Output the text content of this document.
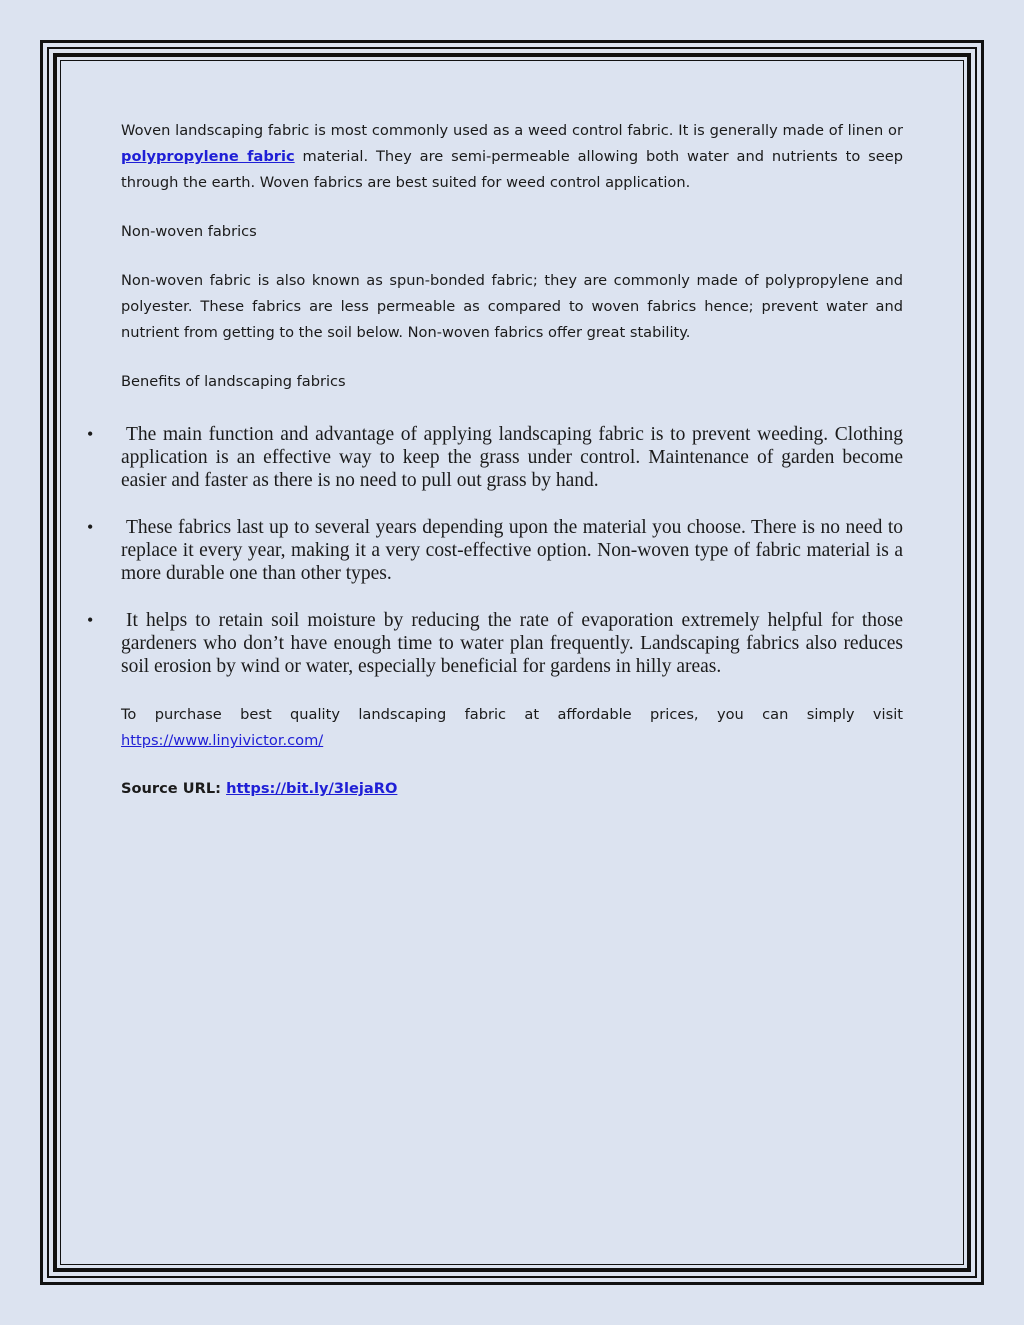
Woven landscaping fabric is most commonly used as a weed control fabric. It is generally made of linen or polypropylene fabric material. They are semi-permeable allowing both water and nutrients to seep through the earth. Woven fabrics are best suited for weed control application.

Non-woven fabrics

Non-woven fabric is also known as spun-bonded fabric; they are commonly made of polypropylene and polyester. These fabrics are less permeable as compared to woven fabrics hence; prevent water and nutrient from getting to the soil below. Non-woven fabrics offer great stability.

Benefits of landscaping fabrics

• The main function and advantage of applying landscaping fabric is to prevent weeding. Clothing application is an effective way to keep the grass under control. Maintenance of garden become easier and faster as there is no need to pull out grass by hand.
• These fabrics last up to several years depending upon the material you choose. There is no need to replace it every year, making it a very cost-effective option. Non-woven type of fabric material is a more durable one than other types.
• It helps to retain soil moisture by reducing the rate of evaporation extremely helpful for those gardeners who don’t have enough time to water plan frequently. Landscaping fabrics also reduces soil erosion by wind or water, especially beneficial for gardens in hilly areas.

To purchase best quality landscaping fabric at affordable prices, you can simply visit https://www.linyivictor.com/

Source URL: https://bit.ly/3lejaRO
